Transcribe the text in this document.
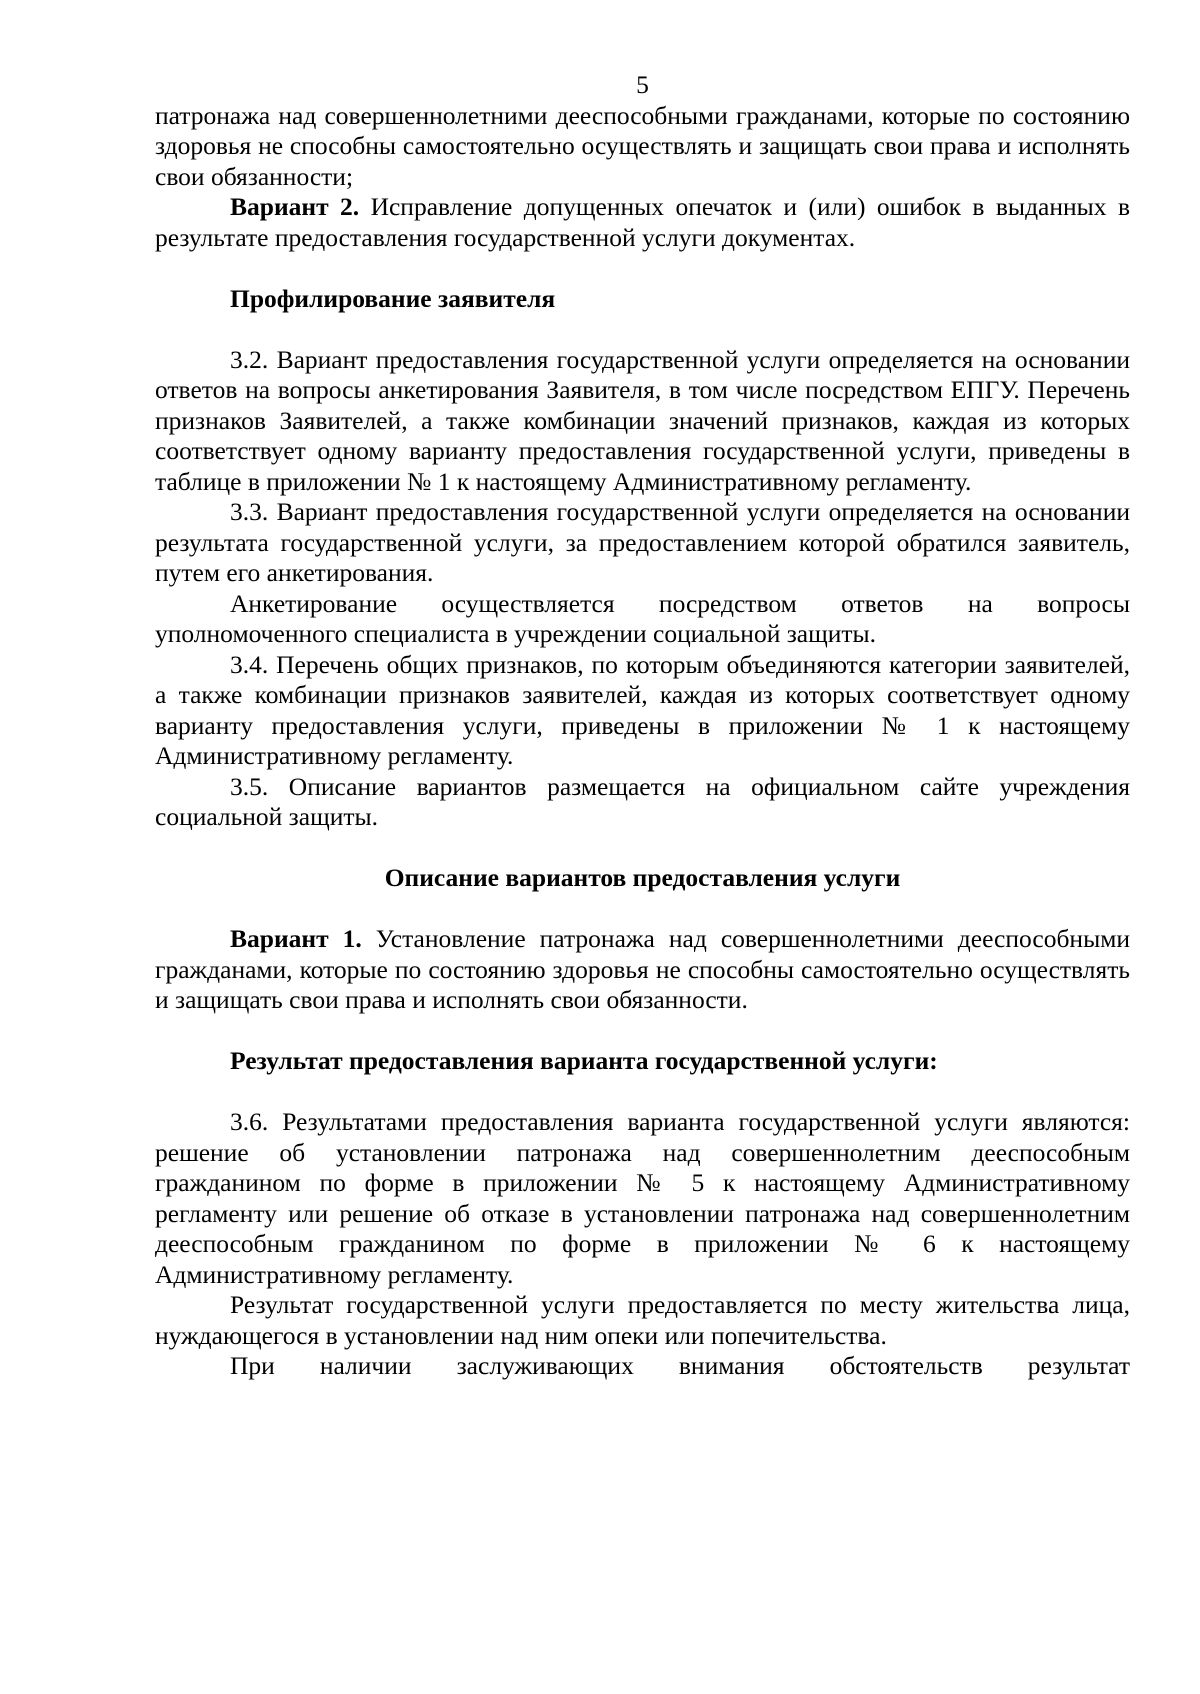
5

патронажа над совершеннолетними дееспособными гражданами, которые по состоянию здоровья не способны самостоятельно осуществлять и защищать свои права и исполнять свои обязанности;

Вариант 2. Исправление допущенных опечаток и (или) ошибок в выданных в результате предоставления государственной услуги документах.

Профилирование заявителя

3.2. Вариант предоставления государственной услуги определяется на основании ответов на вопросы анкетирования Заявителя, в том числе посредством ЕПГУ. Перечень признаков Заявителей, а также комбинации значений признаков, каждая из которых соответствует одному варианту предоставления государственной услуги, приведены в таблице в приложении № 1 к настоящему Административному регламенту.

3.3. Вариант предоставления государственной услуги определяется на основании результата государственной услуги, за предоставлением которой обратился заявитель, путем его анкетирования.

Анкетирование осуществляется посредством ответов на вопросы уполномоченного специалиста в учреждении социальной защиты.

3.4. Перечень общих признаков, по которым объединяются категории заявителей, а также комбинации признаков заявителей, каждая из которых соответствует одному варианту предоставления услуги, приведены в приложении № 1 к настоящему Административному регламенту.

3.5. Описание вариантов размещается на официальном сайте учреждения социальной защиты.

Описание вариантов предоставления услуги

Вариант 1. Установление патронажа над совершеннолетними дееспособными гражданами, которые по состоянию здоровья не способны самостоятельно осуществлять и защищать свои права и исполнять свои обязанности.

Результат предоставления варианта государственной услуги:

3.6. Результатами предоставления варианта государственной услуги являются: решение об установлении патронажа над совершеннолетним дееспособным гражданином по форме в приложении № 5 к настоящему Административному регламенту или решение об отказе в установлении патронажа над совершеннолетним дееспособным гражданином по форме в приложении № 6 к настоящему Административному регламенту.

Результат государственной услуги предоставляется по месту жительства лица, нуждающегося в установлении над ним опеки или попечительства.

При наличии заслуживающих внимания обстоятельств результат
